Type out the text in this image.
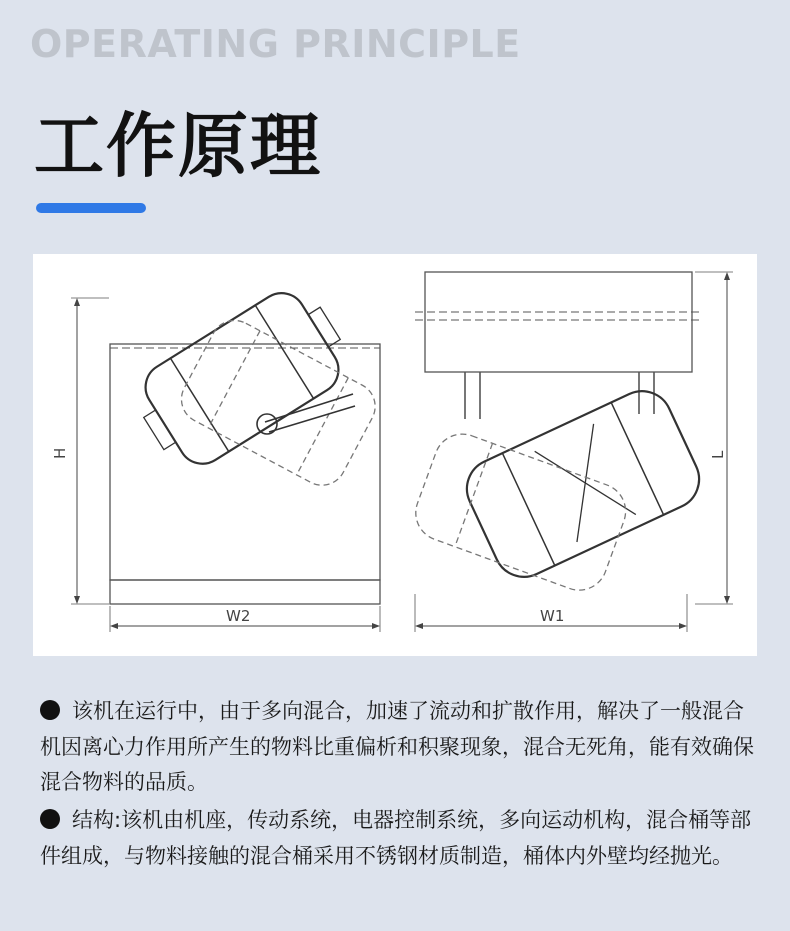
OPERATING PRINCIPLE
工作原理
H
W2
L
W1

该机在运行中，由于多向混合，加速了流动和扩散作用，解决了一般混合机因离心力作用所产生的物料比重偏析和积聚现象，混合无死角，能有效确保混合物料的品质。

结构:该机由机座，传动系统，电器控制系统，多向运动机构，混合桶等部件组成，与物料接触的混合桶采用不锈钢材质制造，桶体内外壁均经抛光。
